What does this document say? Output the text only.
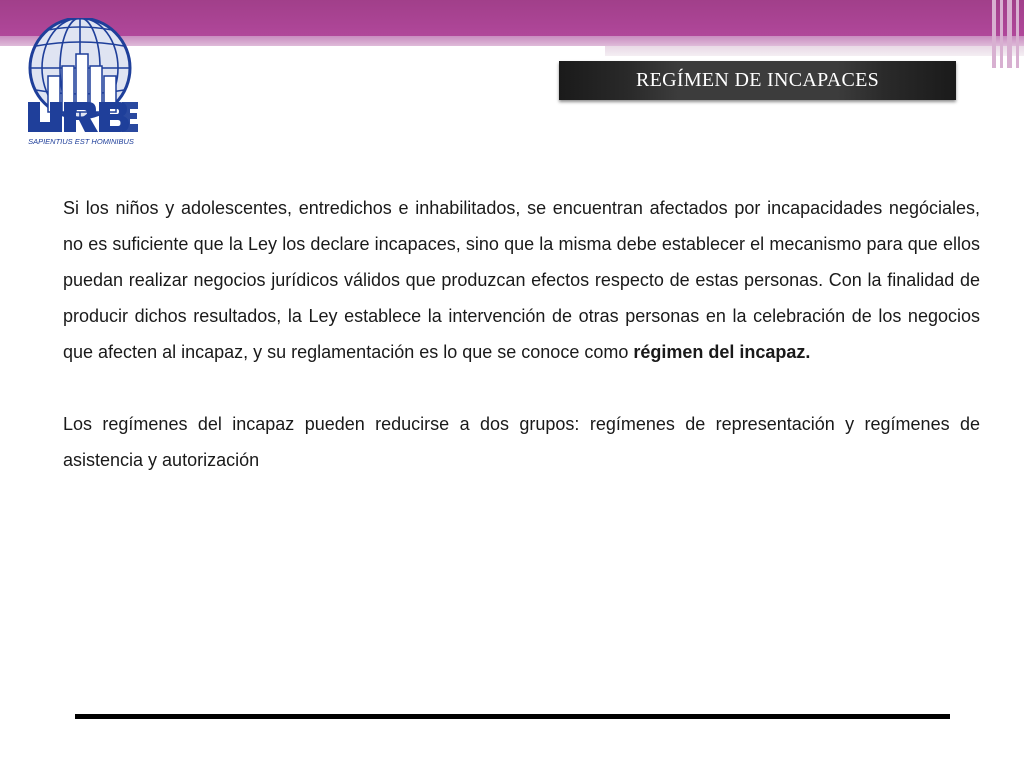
SAPIENTIUS EST HOMINIBUS
REGÍMEN DE INCAPACES

Si los niños y adolescentes, entredichos e inhabilitados, se encuentran afectados por incapacidades negóciales, no es suficiente que la Ley los declare incapaces, sino que la misma debe establecer el mecanismo para que ellos puedan realizar negocios jurídicos válidos que produzcan efectos respecto de estas personas. Con la finalidad de producir dichos resultados, la Ley establece la intervención de otras personas en la celebración de los negocios que afecten al incapaz, y su reglamentación es lo que se conoce como régimen del incapaz.

Los regímenes del incapaz pueden reducirse a dos grupos: regímenes de representación y regímenes de asistencia y autorización
